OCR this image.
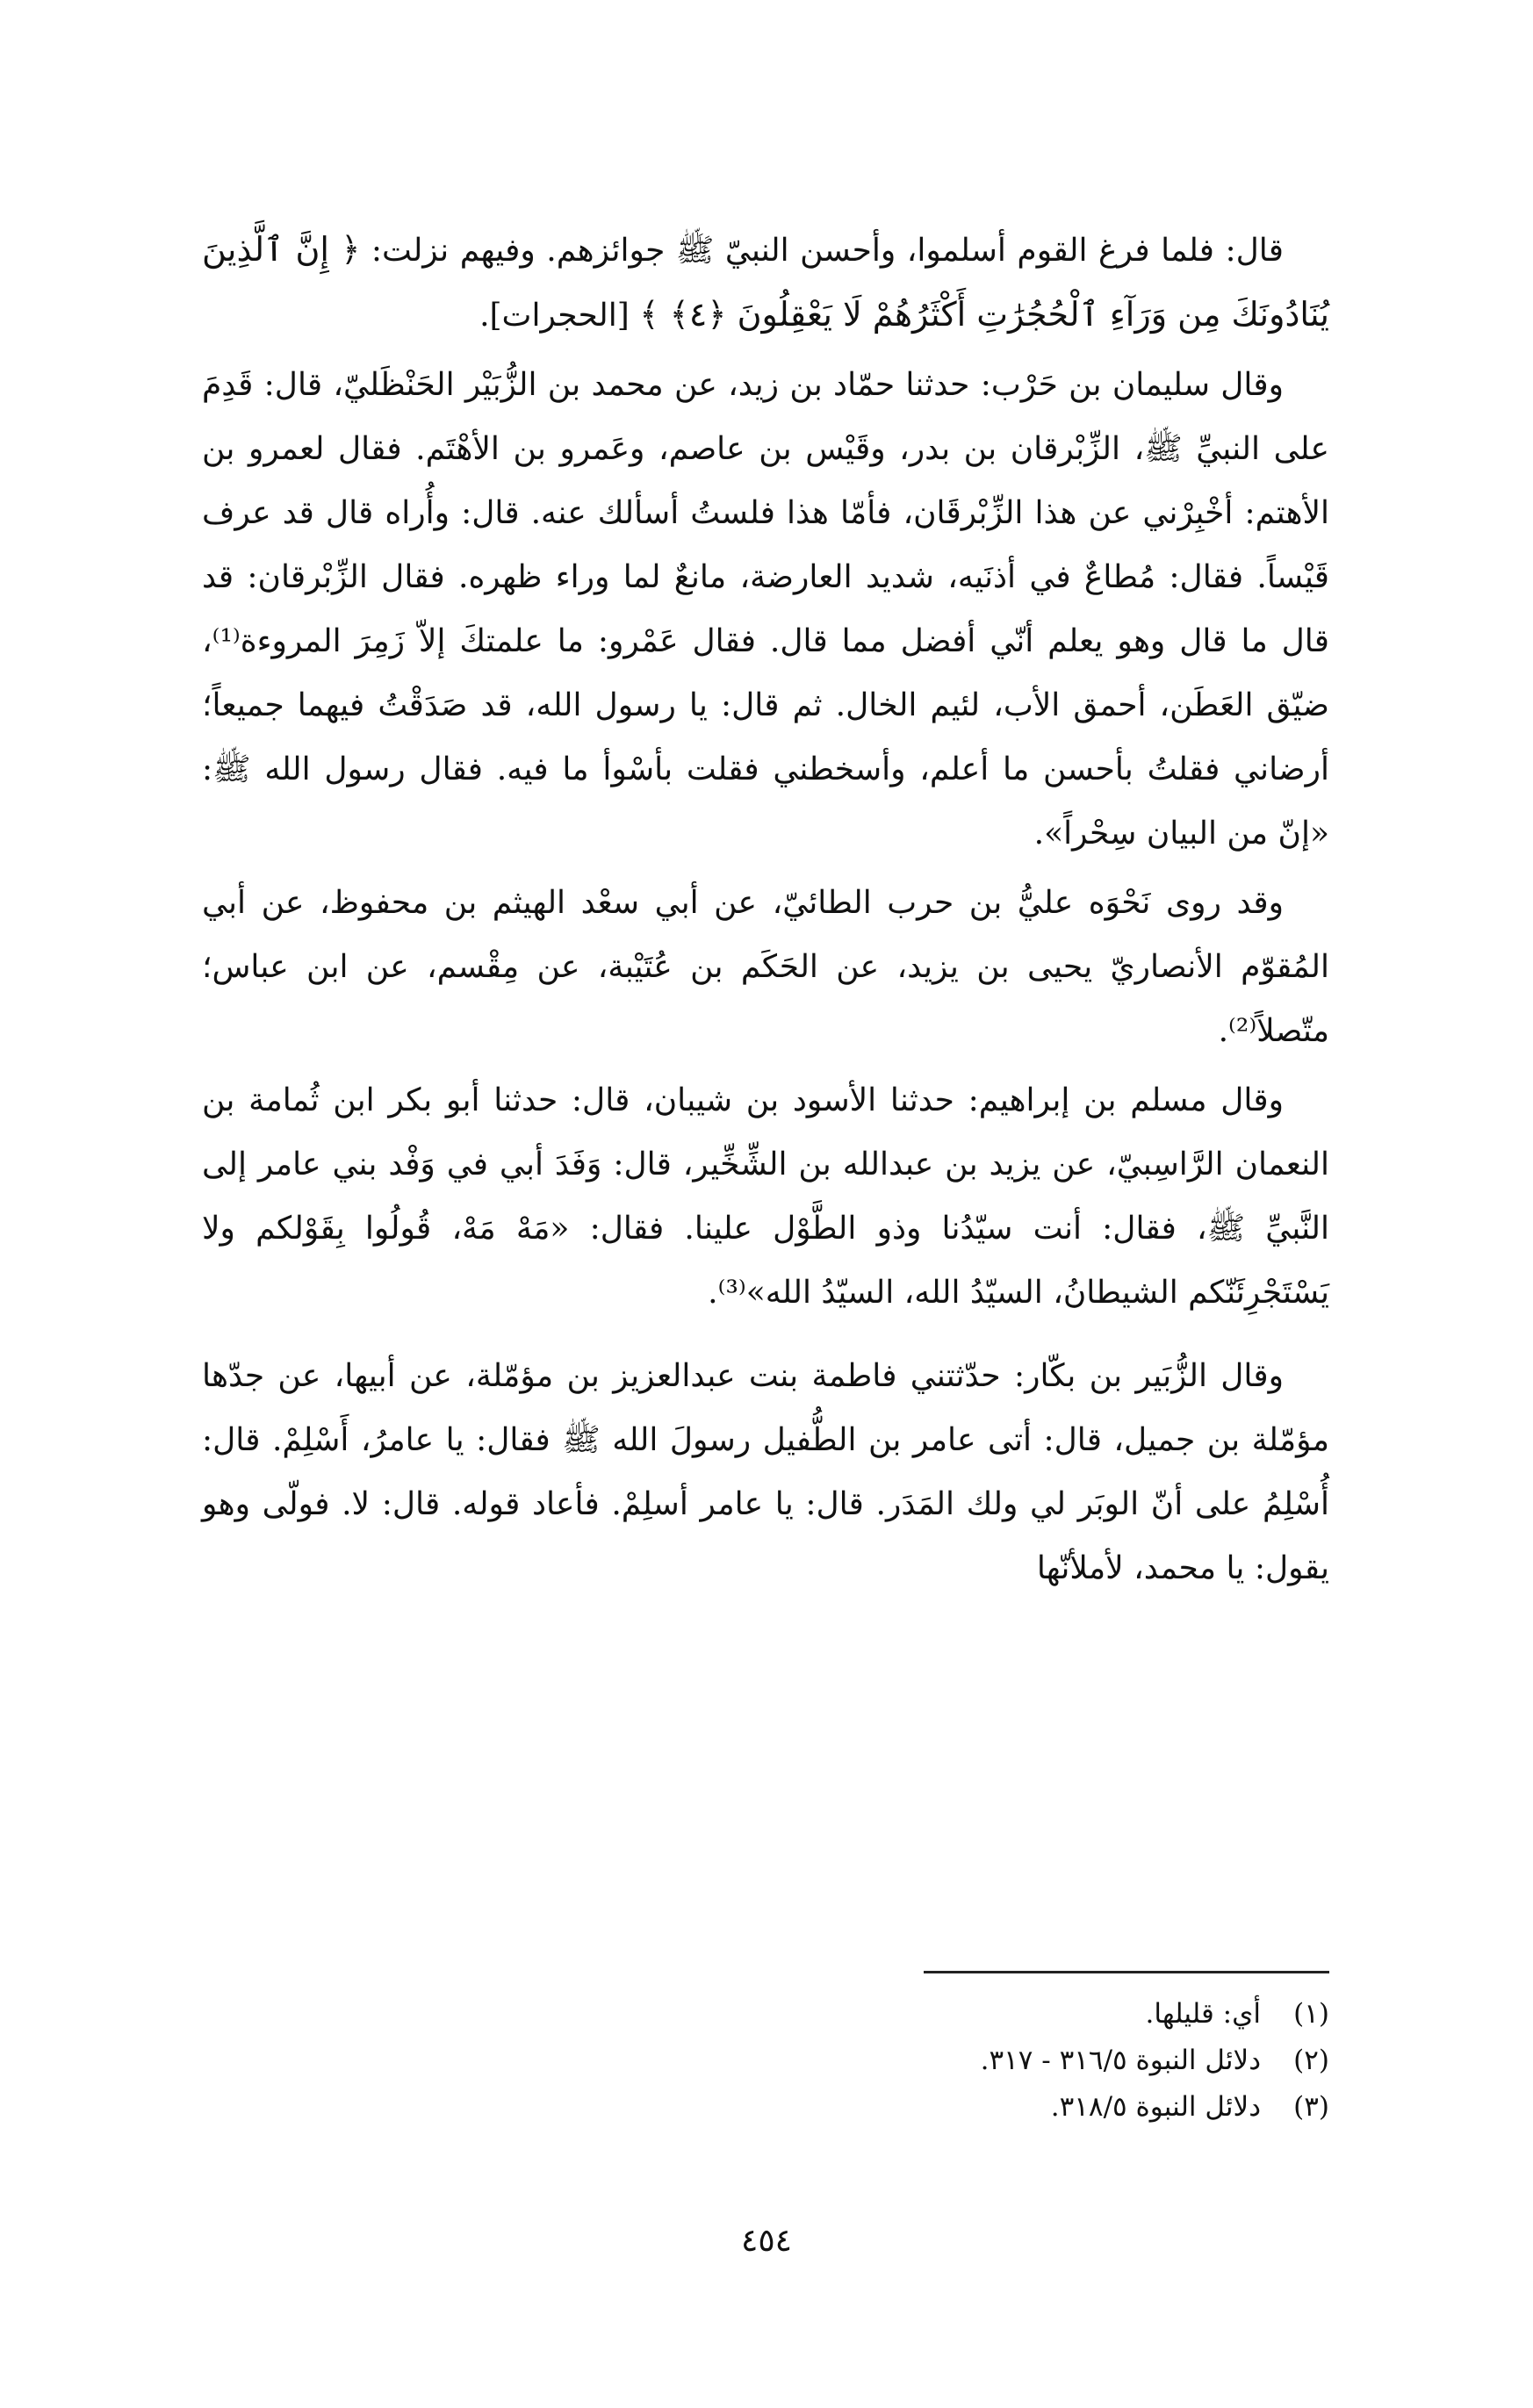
قال: فلما فرغ القوم أسلموا، وأحسن النبيّ ﷺ جوائزهم. وفيهم نزلت: ﴿ إِنَّ ٱلَّذِينَ يُنَادُونَكَ مِن وَرَآءِ ٱلْحُجُرَٰتِ أَكْثَرُهُمْ لَا يَعْقِلُونَ ﴿٤﴾ ﴾ [الحجرات].

وقال سليمان بن حَرْب: حدثنا حمّاد بن زيد، عن محمد بن الزُّبَيْر الحَنْظَليّ، قال: قَدِمَ على النبيِّ ﷺ، الزِّبْرقان بن بدر، وقَيْس بن عاصم، وعَمرو بن الأهْتَم. فقال لعمرو بن الأهتم: أخْبِرْني عن هذا الزِّبْرقَان، فأمّا هذا فلستُ أسألك عنه. قال: وأُراه قال قد عرف قَيْساً. فقال: مُطاعٌ في أذنَيه، شديد العارضة، مانعٌ لما وراء ظهره. فقال الزِّبْرقان: قد قال ما قال وهو يعلم أنّي أفضل مما قال. فقال عَمْرو: ما علمتكَ إلاّ زَمِرَ المروءة⁽¹⁾، ضيّق العَطَن، أحمق الأب، لئيم الخال. ثم قال: يا رسول الله، قد صَدَقْتُ فيهما جميعاً؛ أرضاني فقلتُ بأحسن ما أعلم، وأسخطني فقلت بأسْوأ ما فيه. فقال رسول الله ﷺ: «إنّ من البيان سِحْراً».

وقد روى نَحْوَه عليُّ بن حرب الطائيّ، عن أبي سعْد الهيثم بن محفوظ، عن أبي المُقوّم الأنصاريّ يحيى بن يزيد، عن الحَكَم بن عُتَيْبة، عن مِقْسم، عن ابن عباس؛ متّصلاً⁽²⁾.

وقال مسلم بن إبراهيم: حدثنا الأسود بن شيبان، قال: حدثنا أبو بكر ابن ثُمامة بن النعمان الرَّاسِبيّ، عن يزيد بن عبدالله بن الشِّخِّير، قال: وَفَدَ أبي في وَفْد بني عامر إلى النَّبيِّ ﷺ، فقال: أنت سيّدُنا وذو الطَّوْل علينا. فقال: «مَهْ مَهْ، قُولُوا بِقَوْلكم ولا يَسْتَجْرِئَنّكم الشيطانُ، السيّدُ الله، السيّدُ الله»⁽³⁾.

وقال الزُّبَير بن بكّار: حدّثتني فاطمة بنت عبدالعزيز بن مؤمّلة، عن أبيها، عن جدّها مؤمّلة بن جميل، قال: أتى عامر بن الطُّفيل رسولَ الله ﷺ فقال: يا عامرُ، أَسْلِمْ. قال: أُسْلِمُ على أنّ الوبَر لي ولك المَدَر. قال: يا عامر أسلِمْ. فأعاد قوله. قال: لا. فولّى وهو يقول: يا محمد، لأملأنّها

(١)
أي: قليلها.
(٢)
دلائل النبوة ٣١٦/٥ - ٣١٧.
(٣)
دلائل النبوة ٣١٨/٥.
٤٥٤
